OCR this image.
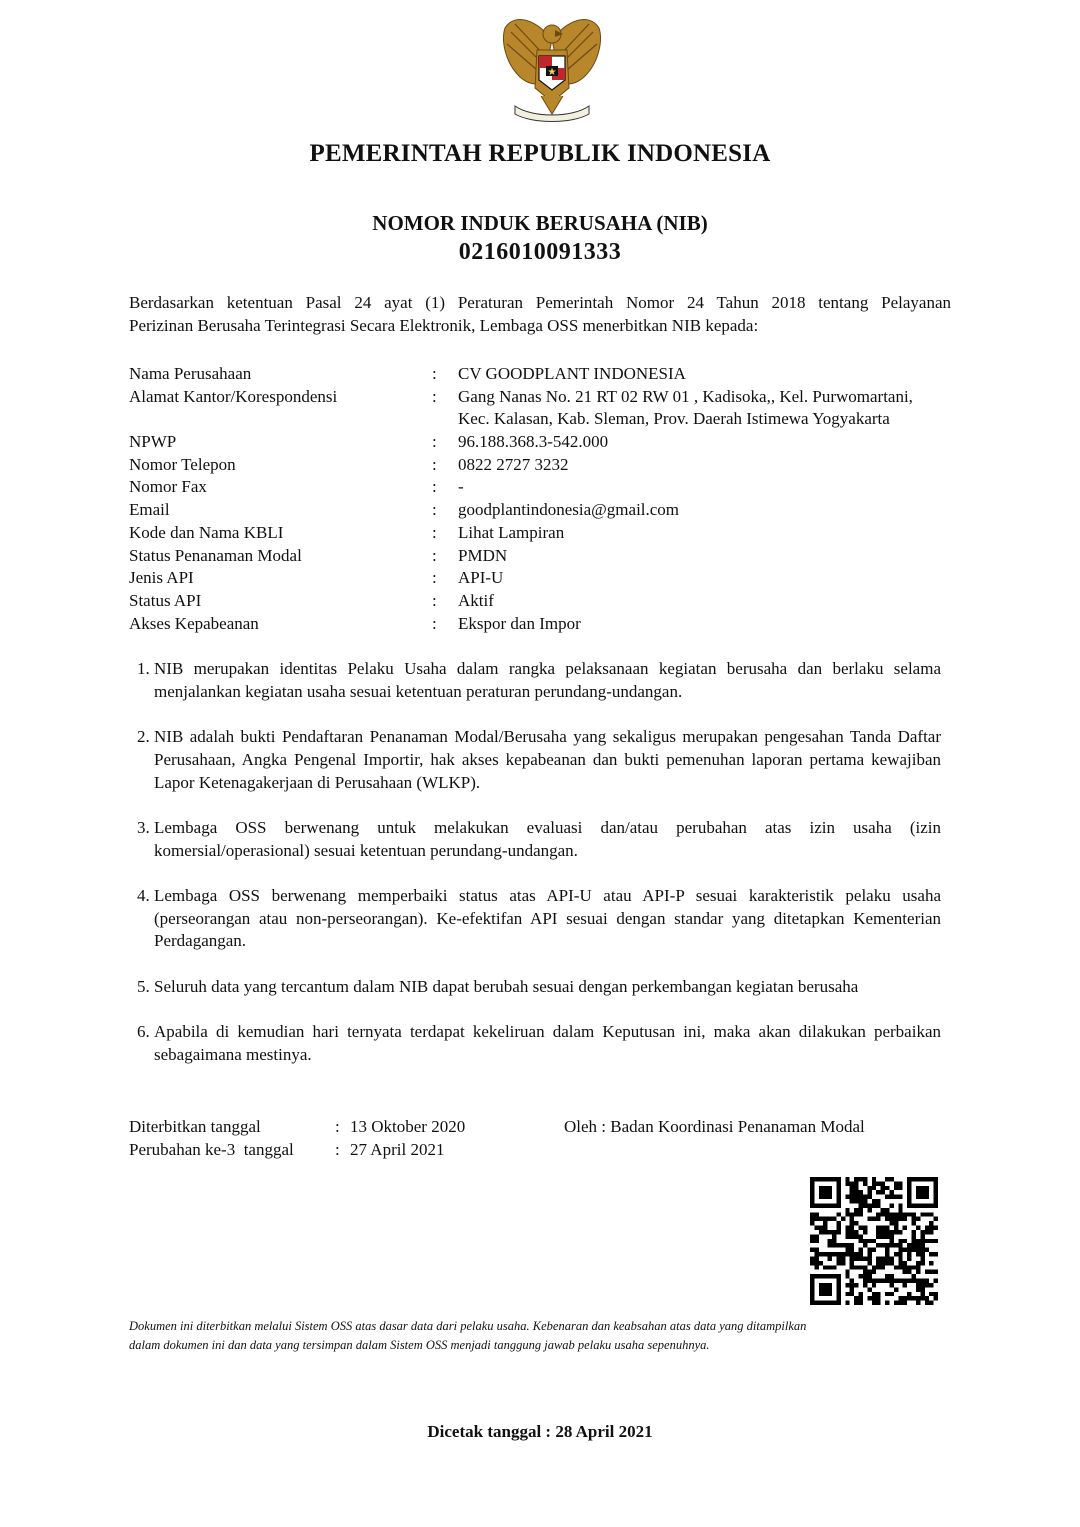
PEMERINTAH REPUBLIK INDONESIA
NOMOR INDUK BERUSAHA (NIB)
0216010091333
Berdasarkan ketentuan Pasal 24 ayat (1) Peraturan Pemerintah Nomor 24 Tahun 2018 tentang Pelayanan
Perizinan Berusaha Terintegrasi Secara Elektronik, Lembaga OSS menerbitkan NIB kepada:
Nama Perusahaan	: CV GOODPLANT INDONESIA
Alamat Kantor/Korespondensi	: Gang Nanas No. 21 RT 02 RW 01 , Kadisoka,, Kel. Purwomartani,
Kec. Kalasan, Kab. Sleman, Prov. Daerah Istimewa Yogyakarta
NPWP	: 96.188.368.3-542.000
Nomor Telepon	: 0822 2727 3232
Nomor Fax	: -
Email	: goodplantindonesia@gmail.com
Kode dan Nama KBLI	: Lihat Lampiran
Status Penanaman Modal	: PMDN
Jenis API	: API-U
Status API	: Aktif
Akses Kepabeanan	: Ekspor dan Impor
1. NIB merupakan identitas Pelaku Usaha dalam rangka pelaksanaan kegiatan berusaha dan berlaku selama menjalankan kegiatan usaha sesuai ketentuan peraturan perundang-undangan.
2. NIB adalah bukti Pendaftaran Penanaman Modal/Berusaha yang sekaligus merupakan pengesahan Tanda Daftar Perusahaan, Angka Pengenal Importir, hak akses kepabeanan dan bukti pemenuhan laporan pertama kewajiban Lapor Ketenagakerjaan di Perusahaan (WLKP).
3. Lembaga OSS berwenang untuk melakukan evaluasi dan/atau perubahan atas izin usaha (izin komersial/operasional) sesuai ketentuan perundang-undangan.
4. Lembaga OSS berwenang memperbaiki status atas API-U atau API-P sesuai karakteristik pelaku usaha (perseorangan atau non-perseorangan). Ke-efektifan API sesuai dengan standar yang ditetapkan Kementerian Perdagangan.
5. Seluruh data yang tercantum dalam NIB dapat berubah sesuai dengan perkembangan kegiatan berusaha
6. Apabila di kemudian hari ternyata terdapat kekeliruan dalam Keputusan ini, maka akan dilakukan perbaikan sebagaimana mestinya.
Diterbitkan tanggal	: 13 Oktober 2020	Oleh : Badan Koordinasi Penanaman Modal
Perubahan ke-3  tanggal : 27 April 2021
Dokumen ini diterbitkan melalui Sistem OSS atas dasar data dari pelaku usaha. Kebenaran dan keabsahan atas data yang ditampilkan
dalam dokumen ini dan data yang tersimpan dalam Sistem OSS menjadi tanggung jawab pelaku usaha sepenuhnya.
Dicetak tanggal : 28 April 2021
